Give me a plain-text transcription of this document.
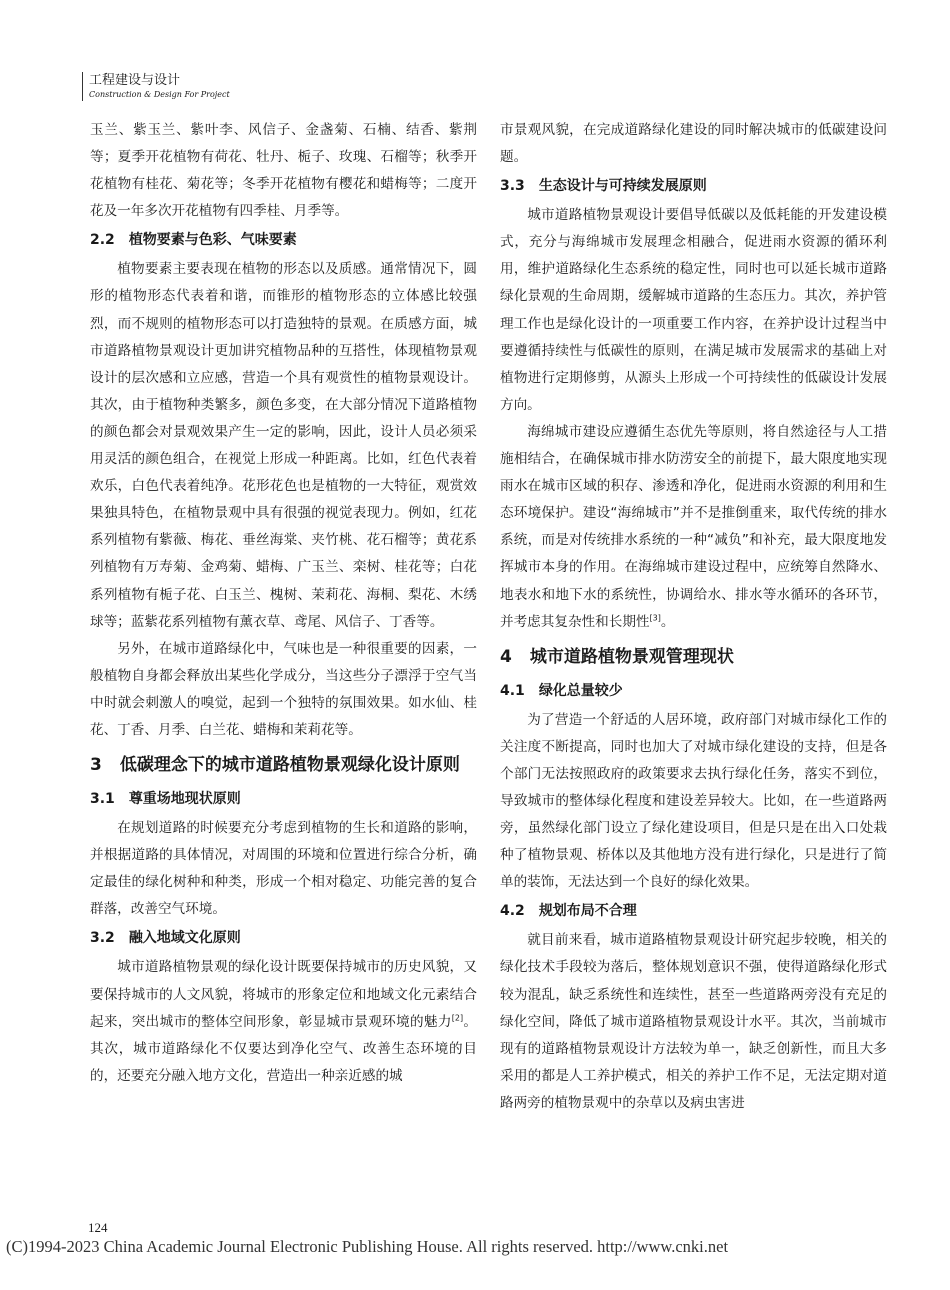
工程建设与设计
Construction & Design For Project

玉兰、紫玉兰、紫叶李、风信子、金盏菊、石楠、结香、紫荆等；夏季开花植物有荷花、牡丹、栀子、玫瑰、石榴等；秋季开花植物有桂花、菊花等；冬季开花植物有樱花和蜡梅等；二度开花及一年多次开花植物有四季桂、月季等。

2.2 植物要素与色彩、气味要素

植物要素主要表现在植物的形态以及质感。通常情况下，圆形的植物形态代表着和谐，而锥形的植物形态的立体感比较强烈，而不规则的植物形态可以打造独特的景观。在质感方面，城市道路植物景观设计更加讲究植物品种的互搭性，体现植物景观设计的层次感和立应感，营造一个具有观赏性的植物景观设计。其次，由于植物种类繁多，颜色多变，在大部分情况下道路植物的颜色都会对景观效果产生一定的影响，因此，设计人员必须采用灵活的颜色组合，在视觉上形成一种距离。比如，红色代表着欢乐，白色代表着纯净。花形花色也是植物的一大特征，观赏效果独具特色，在植物景观中具有很强的视觉表现力。例如，红花系列植物有紫薇、梅花、垂丝海棠、夹竹桃、花石榴等；黄花系列植物有万寿菊、金鸡菊、蜡梅、广玉兰、栾树、桂花等；白花系列植物有栀子花、白玉兰、槐树、茉莉花、海桐、梨花、木绣球等；蓝紫花系列植物有薰衣草、鸢尾、风信子、丁香等。

另外，在城市道路绿化中，气味也是一种很重要的因素，一般植物自身都会释放出某些化学成分，当这些分子漂浮于空气当中时就会刺激人的嗅觉，起到一个独特的氛围效果。如水仙、桂花、丁香、月季、白兰花、蜡梅和茉莉花等。

3 低碳理念下的城市道路植物景观绿化设计原则
3.1 尊重场地现状原则

在规划道路的时候要充分考虑到植物的生长和道路的影响，并根据道路的具体情况，对周围的环境和位置进行综合分析，确定最佳的绿化树种和种类，形成一个相对稳定、功能完善的复合群落，改善空气环境。

3.2 融入地域文化原则

城市道路植物景观的绿化设计既要保持城市的历史风貌，又要保持城市的人文风貌，将城市的形象定位和地域文化元素结合起来，突出城市的整体空间形象，彰显城市景观环境的魅力[2]。其次，城市道路绿化不仅要达到净化空气、改善生态环境的目的，还要充分融入地方文化，营造出一种亲近感的城

市景观风貌，在完成道路绿化建设的同时解决城市的低碳建设问题。

3.3 生态设计与可持续发展原则

城市道路植物景观设计要倡导低碳以及低耗能的开发建设模式，充分与海绵城市发展理念相融合，促进雨水资源的循环利用，维护道路绿化生态系统的稳定性，同时也可以延长城市道路绿化景观的生命周期，缓解城市道路的生态压力。其次，养护管理工作也是绿化设计的一项重要工作内容，在养护设计过程当中要遵循持续性与低碳性的原则，在满足城市发展需求的基础上对植物进行定期修剪，从源头上形成一个可持续性的低碳设计发展方向。

海绵城市建设应遵循生态优先等原则，将自然途径与人工措施相结合，在确保城市排水防涝安全的前提下，最大限度地实现雨水在城市区域的积存、渗透和净化，促进雨水资源的利用和生态环境保护。建设“海绵城市”并不是推倒重来，取代传统的排水系统，而是对传统排水系统的一种“减负”和补充，最大限度地发挥城市本身的作用。在海绵城市建设过程中，应统筹自然降水、地表水和地下水的系统性，协调给水、排水等水循环的各环节，并考虑其复杂性和长期性[3]。

4 城市道路植物景观管理现状
4.1 绿化总量较少

为了营造一个舒适的人居环境，政府部门对城市绿化工作的关注度不断提高，同时也加大了对城市绿化建设的支持，但是各个部门无法按照政府的政策要求去执行绿化任务，落实不到位，导致城市的整体绿化程度和建设差异较大。比如，在一些道路两旁，虽然绿化部门设立了绿化建设项目，但是只是在出入口处栽种了植物景观、桥体以及其他地方没有进行绿化，只是进行了简单的装饰，无法达到一个良好的绿化效果。

4.2 规划布局不合理

就目前来看，城市道路植物景观设计研究起步较晚，相关的绿化技术手段较为落后，整体规划意识不强，使得道路绿化形式较为混乱，缺乏系统性和连续性，甚至一些道路两旁没有充足的绿化空间，降低了城市道路植物景观设计水平。其次，当前城市现有的道路植物景观设计方法较为单一，缺乏创新性，而且大多采用的都是人工养护模式，相关的养护工作不足，无法定期对道路两旁的植物景观中的杂草以及病虫害进

124
(C)1994-2023 China Academic Journal Electronic Publishing House. All rights reserved. http://www.cnki.net
